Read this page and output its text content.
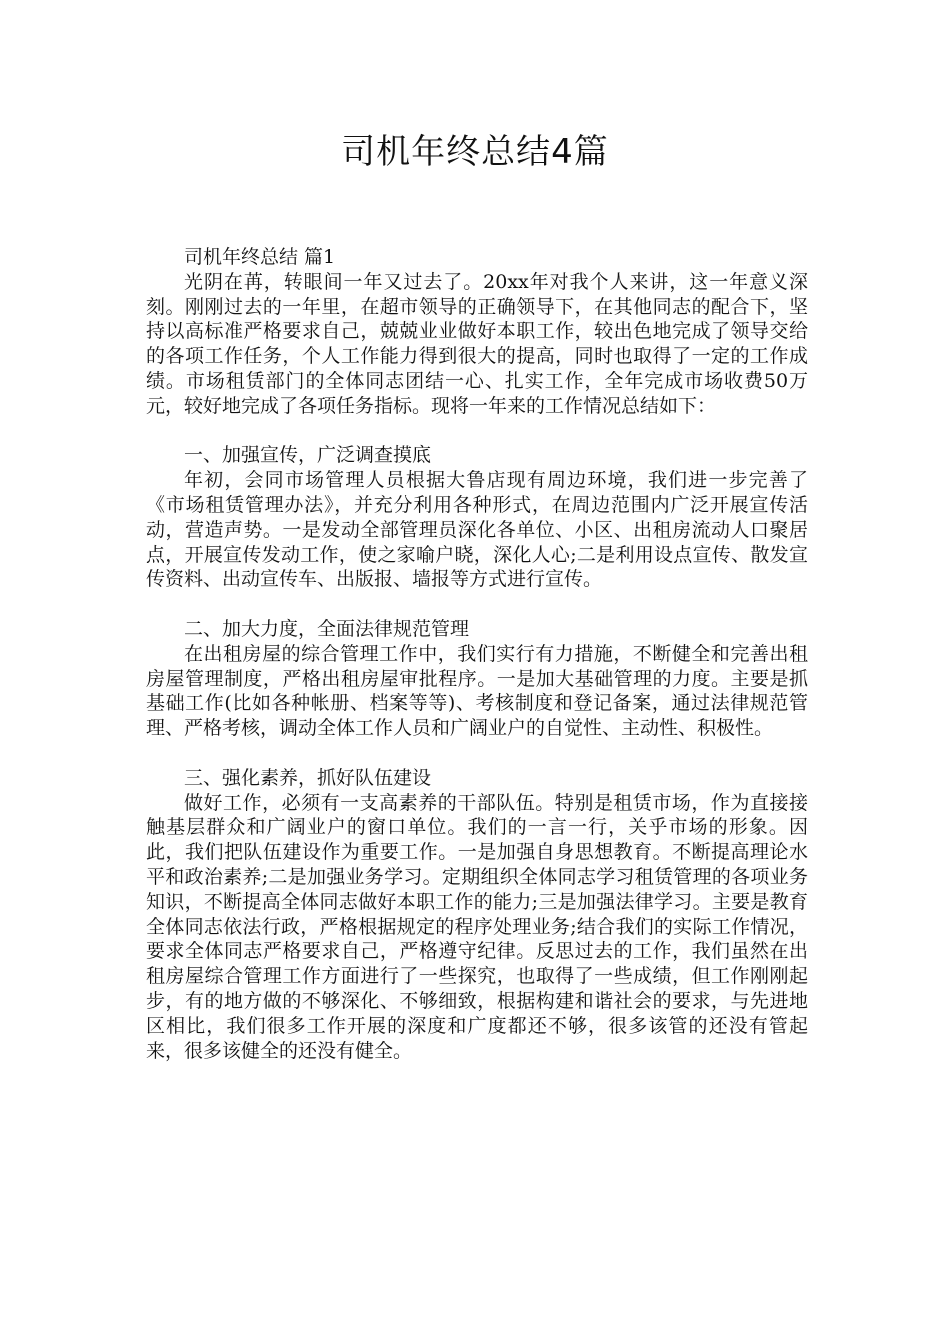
司机年终总结4篇

司机年终总结 篇1

光阴在苒，转眼间一年又过去了。20xx年对我个人来讲，这一年意义深刻。刚刚过去的一年里，在超市领导的正确领导下，在其他同志的配合下，坚持以高标准严格要求自己，兢兢业业做好本职工作，较出色地完成了领导交给的各项工作任务，个人工作能力得到很大的提高，同时也取得了一定的工作成绩。市场租赁部门的全体同志团结一心、扎实工作，全年完成市场收费50万元，较好地完成了各项任务指标。现将一年来的工作情况总结如下：

一、加强宣传，广泛调查摸底

年初，会同市场管理人员根据大鲁店现有周边环境，我们进一步完善了《市场租赁管理办法》，并充分利用各种形式，在周边范围内广泛开展宣传活动，营造声势。一是发动全部管理员深化各单位、小区、出租房流动人口聚居点，开展宣传发动工作，使之家喻户晓，深化人心;二是利用设点宣传、散发宣传资料、出动宣传车、出版报、墙报等方式进行宣传。

二、加大力度，全面法律规范管理

在出租房屋的综合管理工作中，我们实行有力措施，不断健全和完善出租房屋管理制度，严格出租房屋审批程序。一是加大基础管理的力度。主要是抓基础工作(比如各种帐册、档案等等)、考核制度和登记备案，通过法律规范管理、严格考核，调动全体工作人员和广阔业户的自觉性、主动性、积极性。

三、强化素养，抓好队伍建设

做好工作，必须有一支高素养的干部队伍。特别是租赁市场，作为直接接触基层群众和广阔业户的窗口单位。我们的一言一行，关乎市场的形象。因此，我们把队伍建设作为重要工作。一是加强自身思想教育。不断提高理论水平和政治素养;二是加强业务学习。定期组织全体同志学习租赁管理的各项业务知识，不断提高全体同志做好本职工作的能力;三是加强法律学习。主要是教育全体同志依法行政，严格根据规定的程序处理业务;结合我们的实际工作情况，要求全体同志严格要求自己，严格遵守纪律。反思过去的工作，我们虽然在出租房屋综合管理工作方面进行了一些探究，也取得了一些成绩，但工作刚刚起步，有的地方做的不够深化、不够细致，根据构建和谐社会的要求，与先进地区相比，我们很多工作开展的深度和广度都还不够，很多该管的还没有管起来，很多该健全的还没有健全。
